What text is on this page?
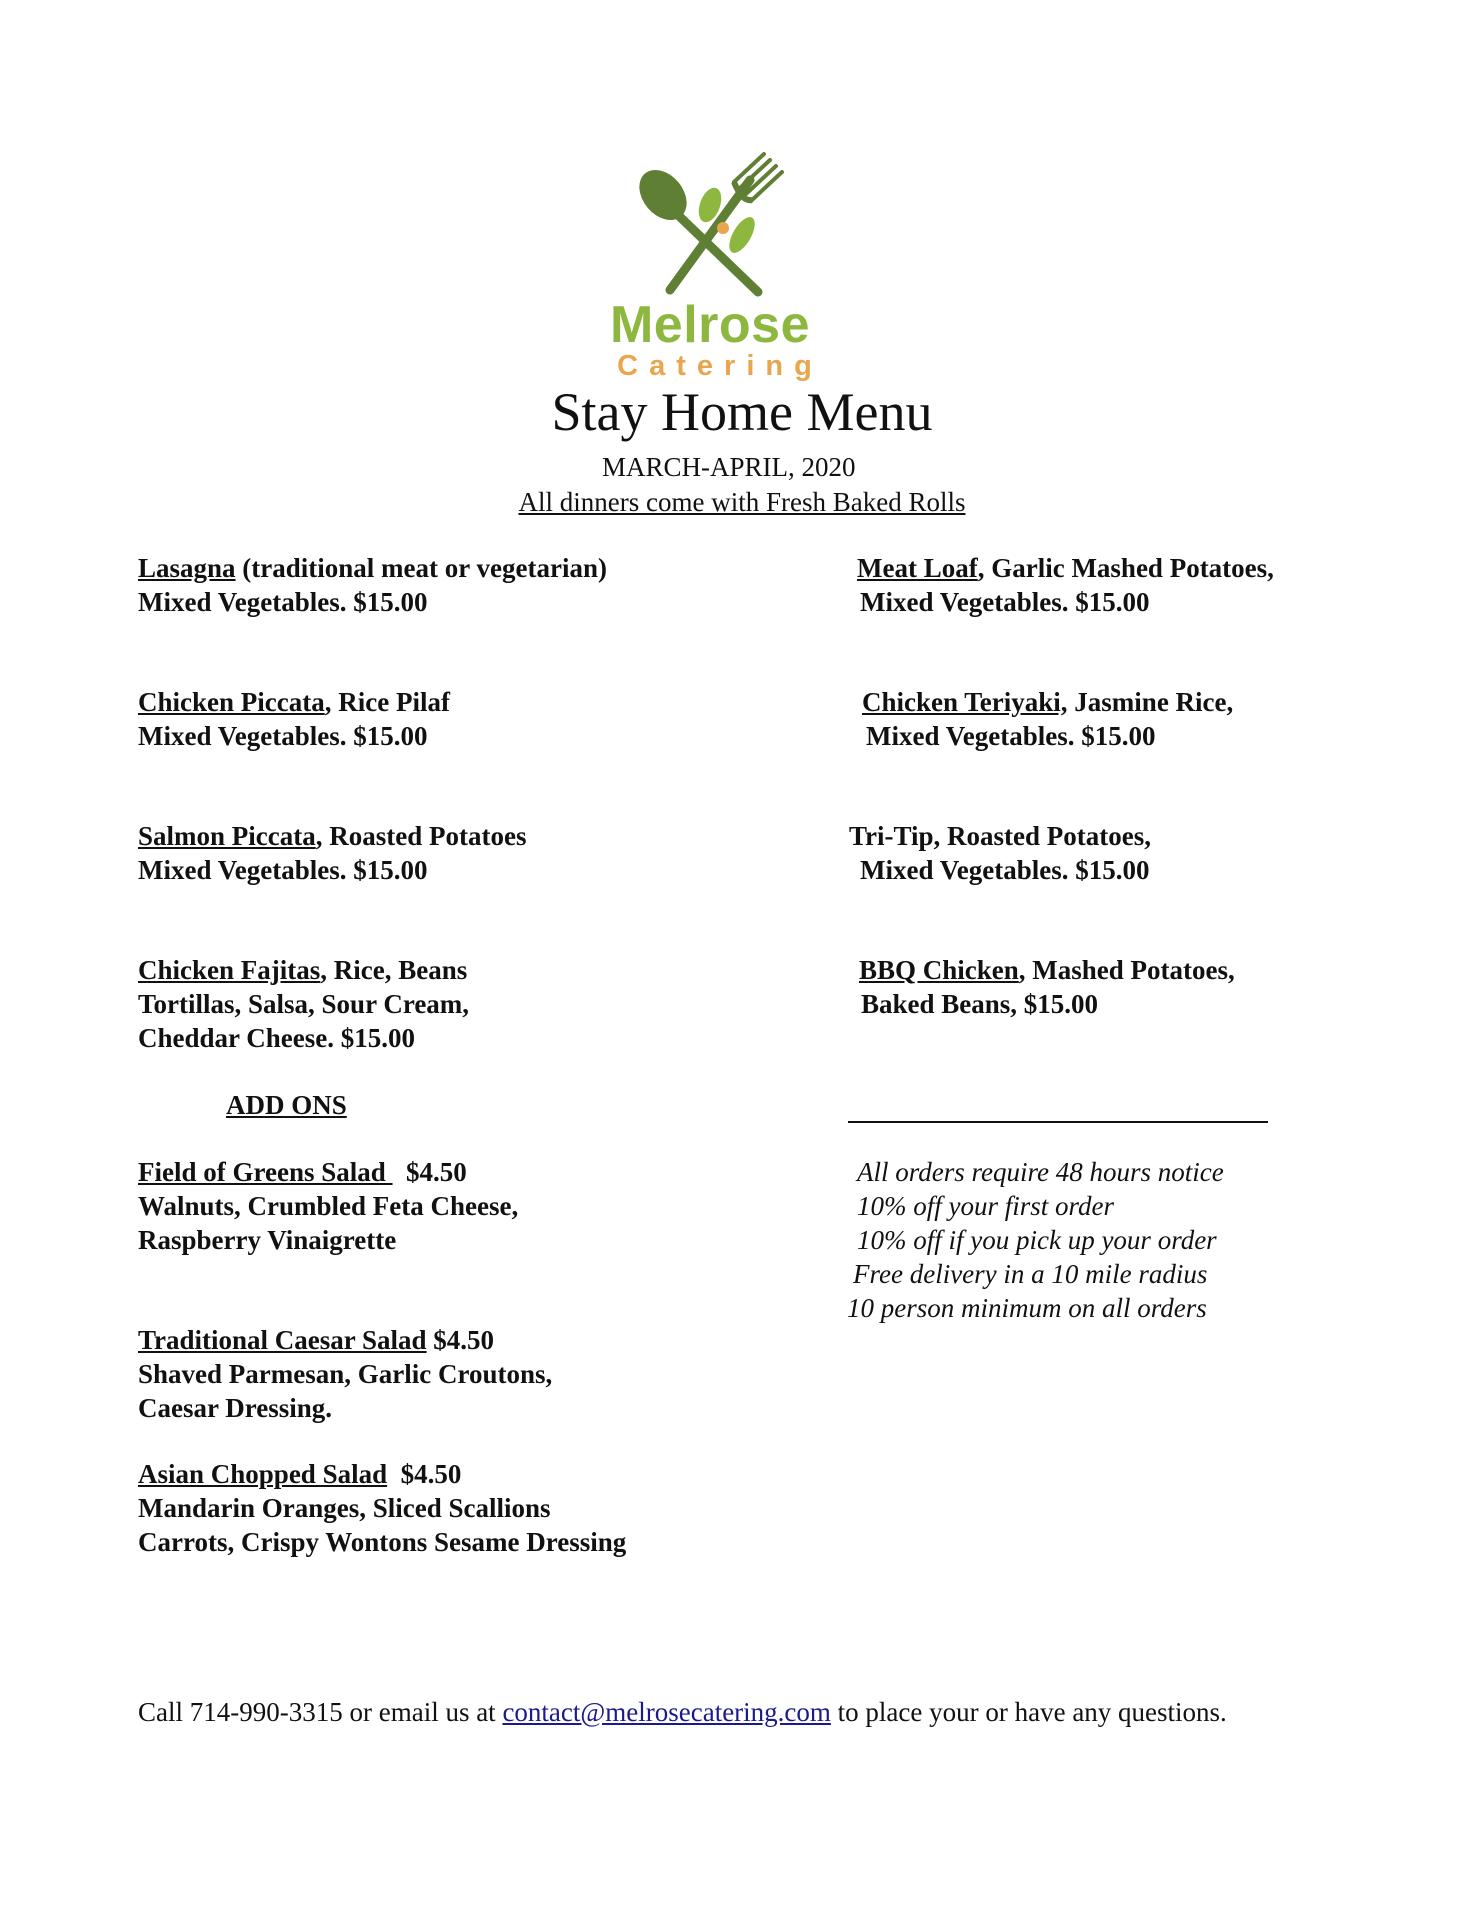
Melrose
Catering
Stay Home Menu
MARCH-APRIL, 2020
All dinners come with Fresh Baked Rolls
Lasagna (traditional meat or vegetarian)
Mixed Vegetables. $15.00
Chicken Piccata, Rice Pilaf
Mixed Vegetables. $15.00
Salmon Piccata, Roasted Potatoes
Mixed Vegetables. $15.00
Chicken Fajitas, Rice, Beans
Tortillas, Salsa, Sour Cream,
Cheddar Cheese. $15.00
Meat Loaf, Garlic Mashed Potatoes,
Mixed Vegetables. $15.00
Chicken Teriyaki, Jasmine Rice,
Mixed Vegetables. $15.00
Tri-Tip, Roasted Potatoes,
Mixed Vegetables. $15.00
BBQ Chicken, Mashed Potatoes,
Baked Beans, $15.00
ADD ONS
Field of Greens Salad   $4.50
Walnuts, Crumbled Feta Cheese,
Raspberry Vinaigrette
Traditional Caesar Salad $4.50
Shaved Parmesan, Garlic Croutons,
Caesar Dressing.
Asian Chopped Salad  $4.50
Mandarin Oranges, Sliced Scallions
Carrots, Crispy Wontons Sesame Dressing
All orders require 48 hours notice
10% off your first order
10% off if you pick up your order
Free delivery in a 10 mile radius
10 person minimum on all orders
Call 714-990-3315 or email us at contact@melrosecatering.com to place your or have any questions.
